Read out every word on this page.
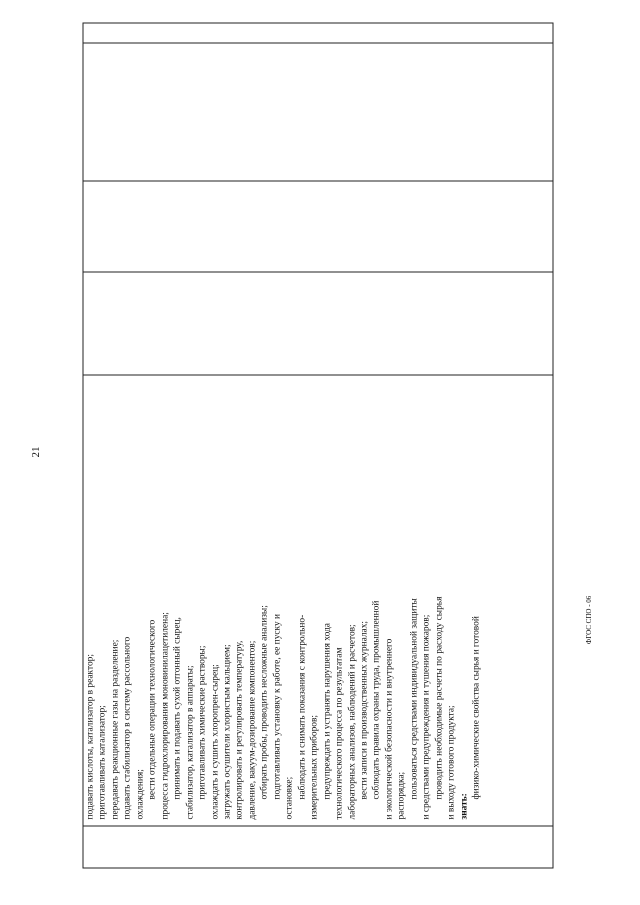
21
подавать кислоты, катализатор в реактор; приготавливать катализатор; передавать реакционные газы на разделение; подавать стабилизатор в систему рассольного охлаждения; вести отдельные операции технологического процесса гидрохлорирования моновинилацетилена; принимать и подавать сухой отгонный сырец, стабилизатор, катализатор в аппараты; приготавливать химические растворы; охлаждать и сушить хлоропрен-сырец; загружать осушители хлористым кальцием; контролировать и регулировать температуру, давление, вакуум-дозирование компонентов; отбирать пробы, проводить несложные анализы; подготавливать установку к работе, ее пуску и остановке; наблюдать и снимать показания с контрольно- измерительных приборов; предупреждать и устранять нарушения хода технологического процесса по результатам лабораторных анализов, наблюдений и расчетов; вести записи в производственных журналах; соблюдать правила охраны труда, промышленной и экологической безопасности и внутреннего распорядка; пользоваться средствами индивидуальной защиты и средствами предупреждения и тушения пожаров; проводить необходимые расчеты по расходу сырья и выходу готового продукта; знать:
физико-химические свойства сырья и готовой	ФГОС СПО - 06
